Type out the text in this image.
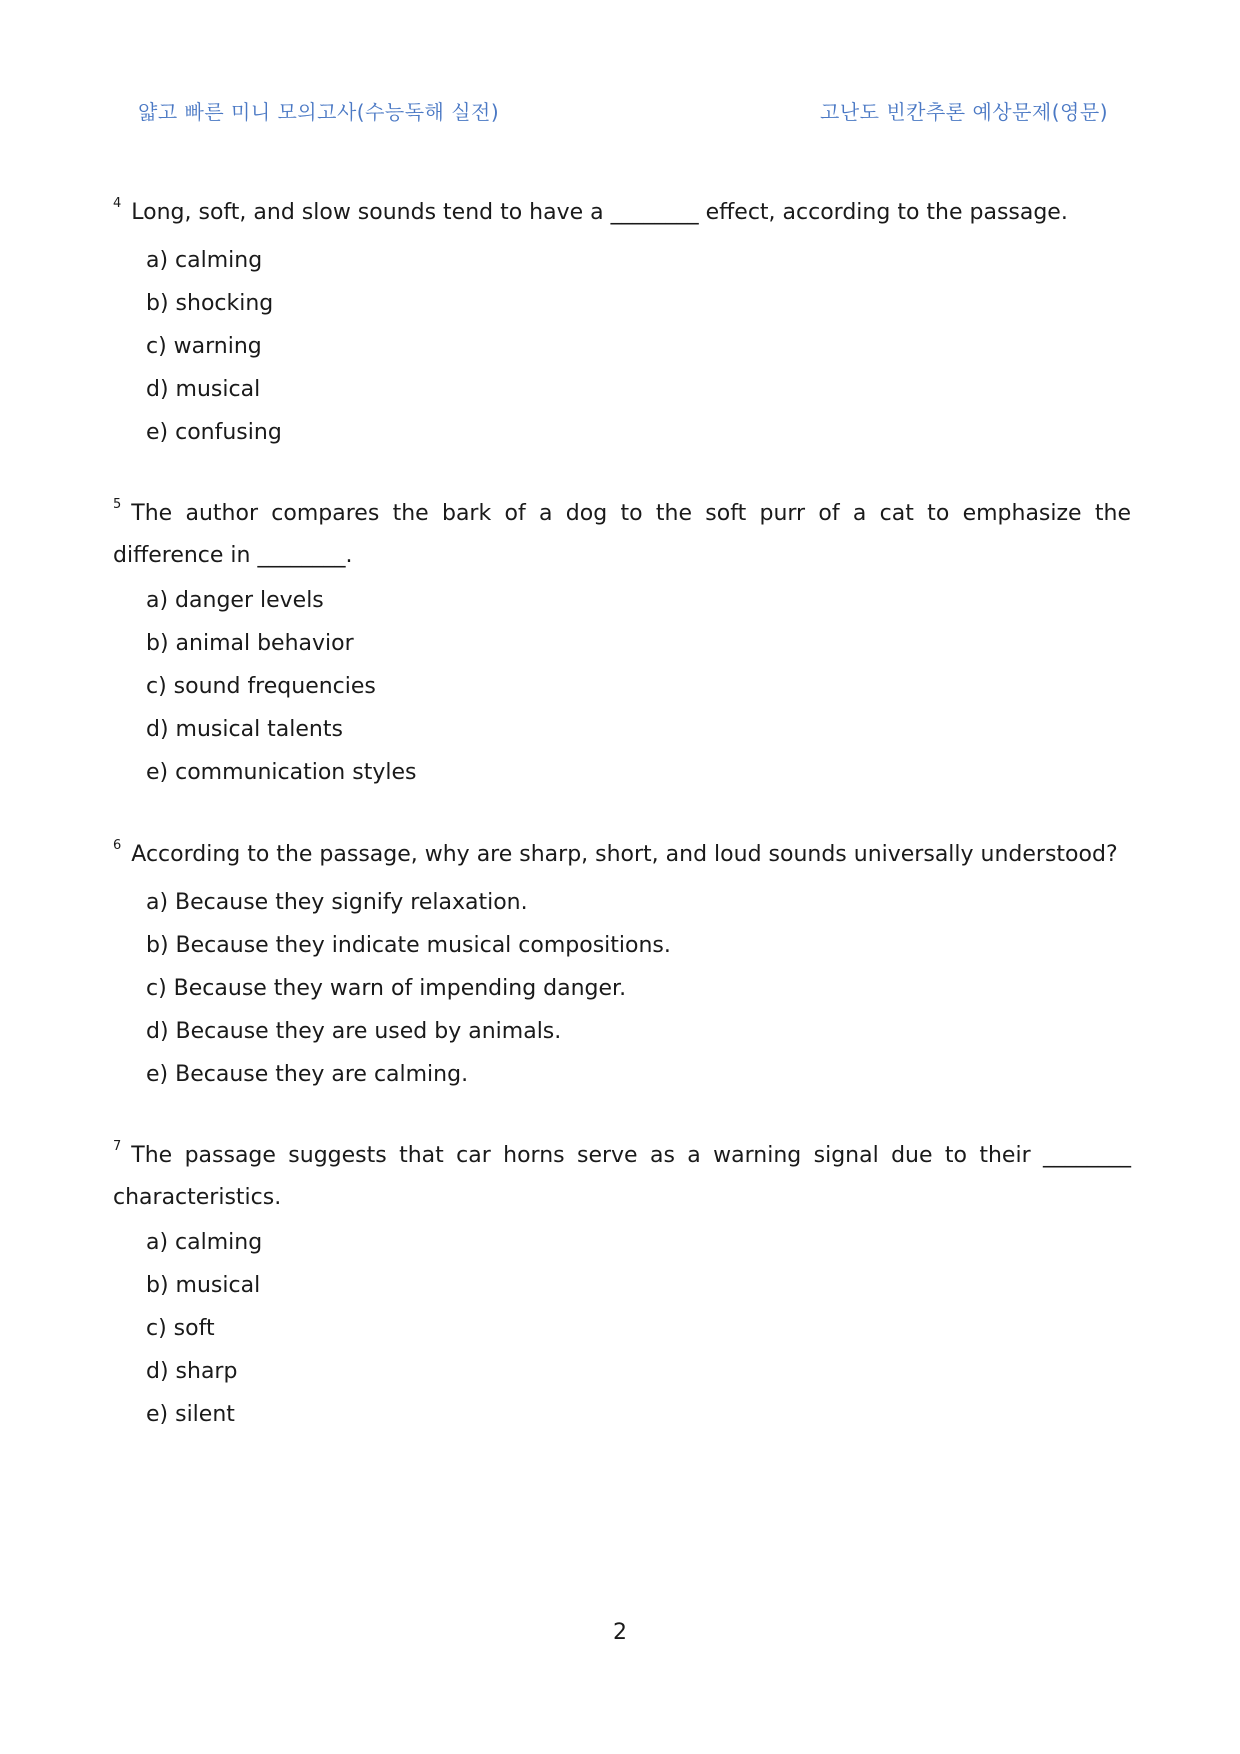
얇고 빠른 미니 모의고사(수능독해 실전)	고난도 빈칸추론 예상문제(영문)

$^4$ Long, soft, and slow sounds tend to have a ________ effect, according to the passage.

a) calming
b) shocking
c) warning
d) musical
e) confusing

$^5$ The author compares the bark of a dog to the soft purr of a cat to emphasize the difference in ________.

a) danger levels
b) animal behavior
c) sound frequencies
d) musical talents
e) communication styles

$^6$ According to the passage, why are sharp, short, and loud sounds universally understood?

a) Because they signify relaxation.
b) Because they indicate musical compositions.
c) Because they warn of impending danger.
d) Because they are used by animals.
e) Because they are calming.

$^7$ The passage suggests that car horns serve as a warning signal due to their ________ characteristics.

a) calming
b) musical
c) soft
d) sharp
e) silent
2
